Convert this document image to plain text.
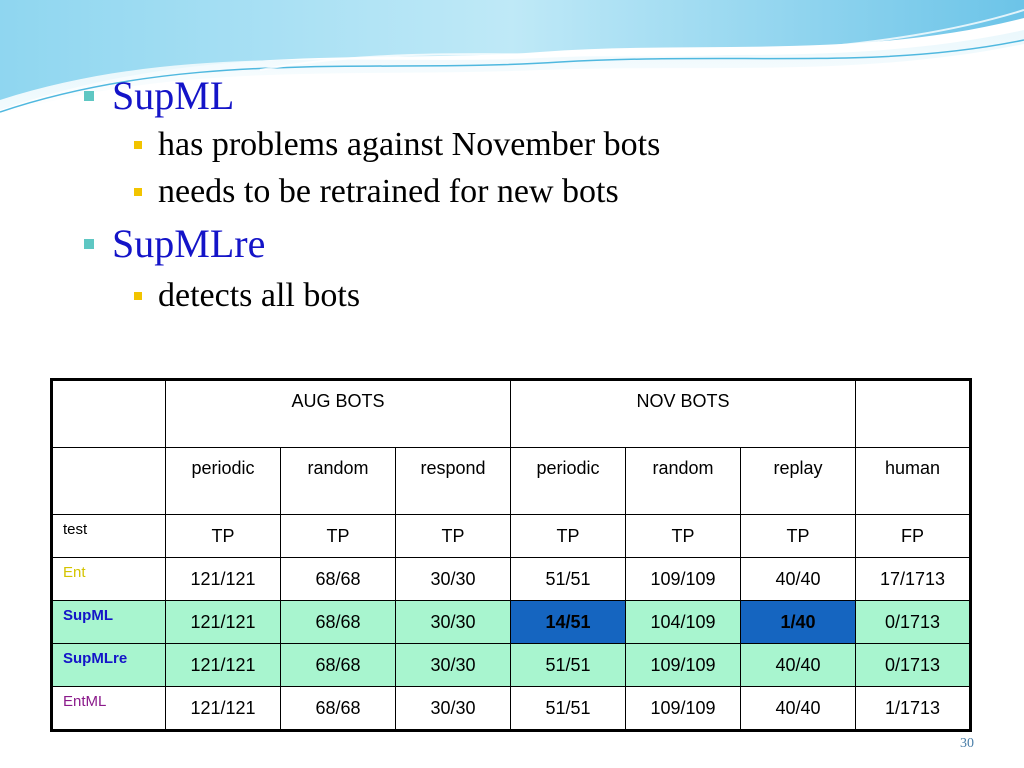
SupML
has problems against November bots
needs to be retrained for new bots
SupMLre
detects all bots
	AUG BOTS			NOV BOTS			
	periodic	random	respond	periodic	random	replay	human
test	TP	TP	TP	TP	TP	TP	FP
Ent	121/121	68/68	30/30	51/51	109/109	40/40	17/1713
SupML	121/121	68/68	30/30	14/51	104/109	1/40	0/1713
SupMLre	121/121	68/68	30/30	51/51	109/109	40/40	0/1713
EntML	121/121	68/68	30/30	51/51	109/109	40/40	1/1713
30
